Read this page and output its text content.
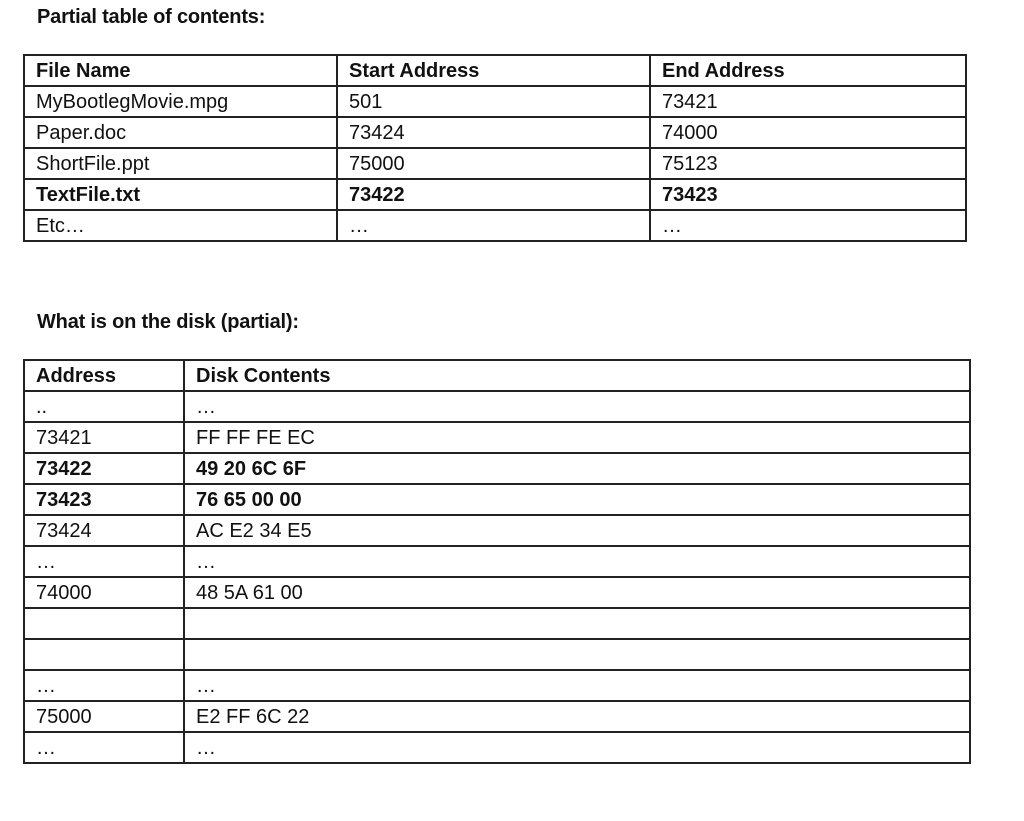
Partial table of contents:
File Name	Start Address	End Address
MyBootlegMovie.mpg	501	73421
Paper.doc	73424	74000
ShortFile.ppt	75000	75123
TextFile.txt	73422	73423
Etc…	…	…
What is on the disk (partial):
Address	Disk Contents
..	…
73421	FF FF FE EC
73422	49 20 6C 6F
73423	76 65 00 00
73424	AC E2 34 E5
…	…
74000	48 5A 61 00

…	…
75000	E2 FF 6C 22
…	…
